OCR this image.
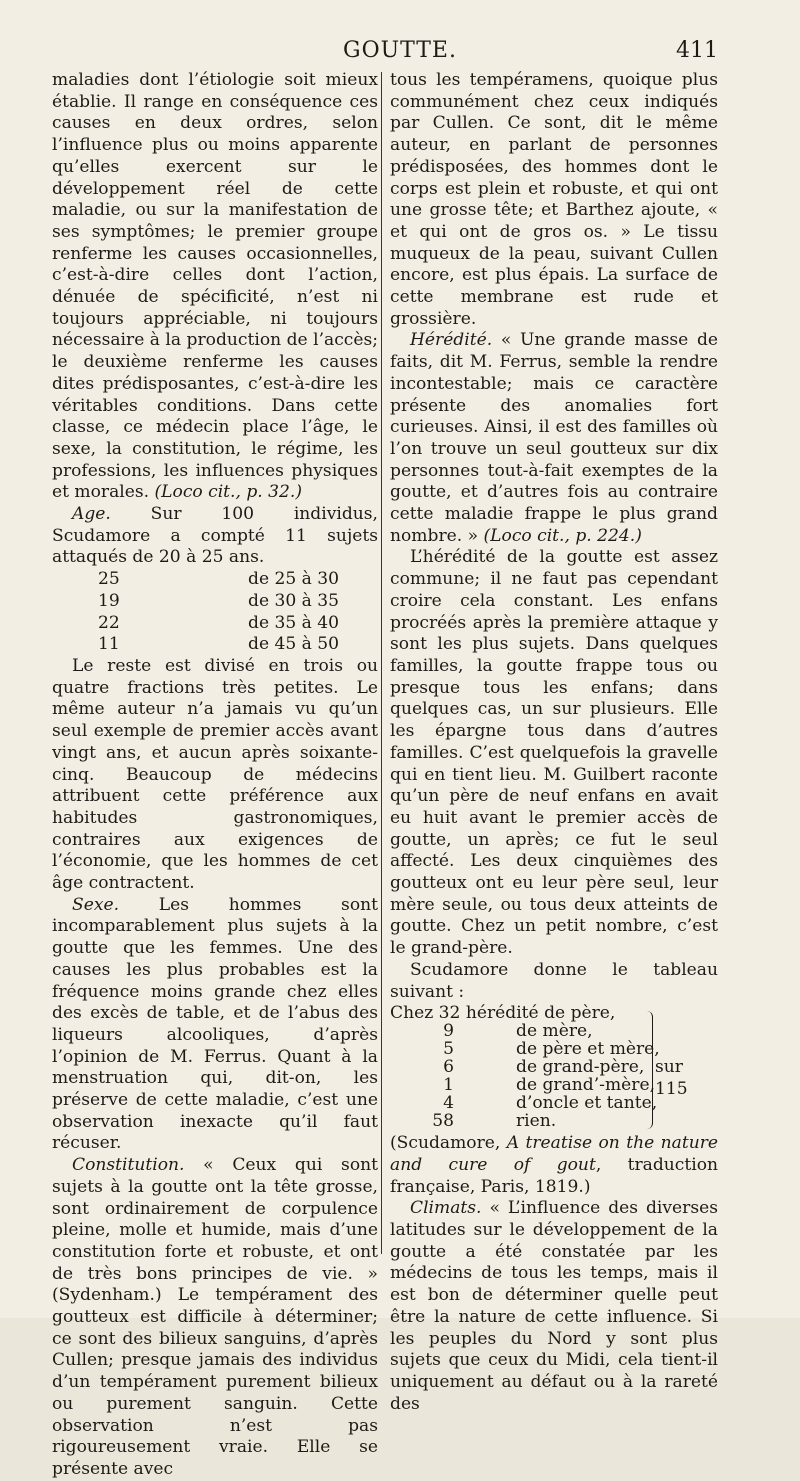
GOUTTE.	411

maladies dont l’étiologie soit mieux établie. Il range en conséquence ces causes en deux ordres, selon l’influence plus ou moins apparente qu’elles exercent sur le développement réel de cette maladie, ou sur la manifestation de ses symptômes; le premier groupe renferme les causes occasionnelles, c’est-à-dire celles dont l’action, dénuée de spécificité, n’est ni toujours appréciable, ni toujours nécessaire à la production de l’accès; le deuxième renferme les causes dites prédisposantes, c’est-à-dire les véritables conditions. Dans cette classe, ce médecin place l’âge, le sexe, la constitution, le régime, les professions, les influences physiques et morales. (Loco cit., p. 32.)

Age. Sur 100 individus, Scudamore a compté 11 sujets attaqués de 20 à 25 ans.

25	de 25 à 30
19	de 30 à 35
22	de 35 à 40
11	de 45 à 50

Le reste est divisé en trois ou quatre fractions très petites. Le même auteur n’a jamais vu qu’un seul exemple de premier accès avant vingt ans, et aucun après soixante-cinq. Beaucoup de médecins attribuent cette préférence aux habitudes gastronomiques, contraires aux exigences de l’économie, que les hommes de cet âge contractent.

Sexe. Les hommes sont incomparablement plus sujets à la goutte que les femmes. Une des causes les plus probables est la fréquence moins grande chez elles des excès de table, et de l’abus des liqueurs alcooliques, d’après l’opinion de M. Ferrus. Quant à la menstruation qui, dit-on, les préserve de cette maladie, c’est une observation inexacte qu’il faut récuser.

Constitution. « Ceux qui sont sujets à la goutte ont la tête grosse, sont ordinairement de corpulence pleine, molle et humide, mais d’une constitution forte et robuste, et ont de très bons principes de vie. » (Sydenham.) Le tempérament des goutteux est difficile à déterminer; ce sont des bilieux sanguins, d’après Cullen; presque jamais des individus d’un tempérament purement bilieux ou purement sanguin. Cette observation n’est pas rigoureusement vraie. Elle se présente avec

tous les tempéramens, quoique plus communément chez ceux indiqués par Cullen. Ce sont, dit le même auteur, en parlant de personnes prédisposées, des hommes dont le corps est plein et robuste, et qui ont une grosse tête; et Barthez ajoute, « et qui ont de gros os. » Le tissu muqueux de la peau, suivant Cullen encore, est plus épais. La surface de cette membrane est rude et grossière.

Hérédité. « Une grande masse de faits, dit M. Ferrus, semble la rendre incontestable; mais ce caractère présente des anomalies fort curieuses. Ainsi, il est des familles où l’on trouve un seul goutteux sur dix personnes tout-à-fait exemptes de la goutte, et d’autres fois au contraire cette maladie frappe le plus grand nombre. » (Loco cit., p. 224.)

L’hérédité de la goutte est assez commune; il ne faut pas cependant croire cela constant. Les enfans procréés après la première attaque y sont les plus sujets. Dans quelques familles, la goutte frappe tous ou presque tous les enfans; dans quelques cas, un sur plusieurs. Elle les épargne tous dans d’autres familles. C’est quelquefois la gravelle qui en tient lieu. M. Guilbert raconte qu’un père de neuf enfans en avait eu huit avant le premier accès de goutte, un après; ce fut le seul affecté. Les deux cinquièmes des goutteux ont eu leur père seul, leur mère seule, ou tous deux atteints de goutte. Chez un petit nombre, c’est le grand-père.

Scudamore donne le tableau suivant :

Chez 32 hérédité de père,
9	de mère,
5	de père et mère,
6	de grand-père,
1	de grand’-mère,
4	d’oncle et tante,
58	rien.
sur 115

(Scudamore, A treatise on the nature and cure of gout, traduction française, Paris, 1819.)

Climats. « L’influence des diverses latitudes sur le développement de la goutte a été constatée par les médecins de tous les temps, mais il est bon de déterminer quelle peut être la nature de cette influence. Si les peuples du Nord y sont plus sujets que ceux du Midi, cela tient-il uniquement au défaut ou à la rareté des
